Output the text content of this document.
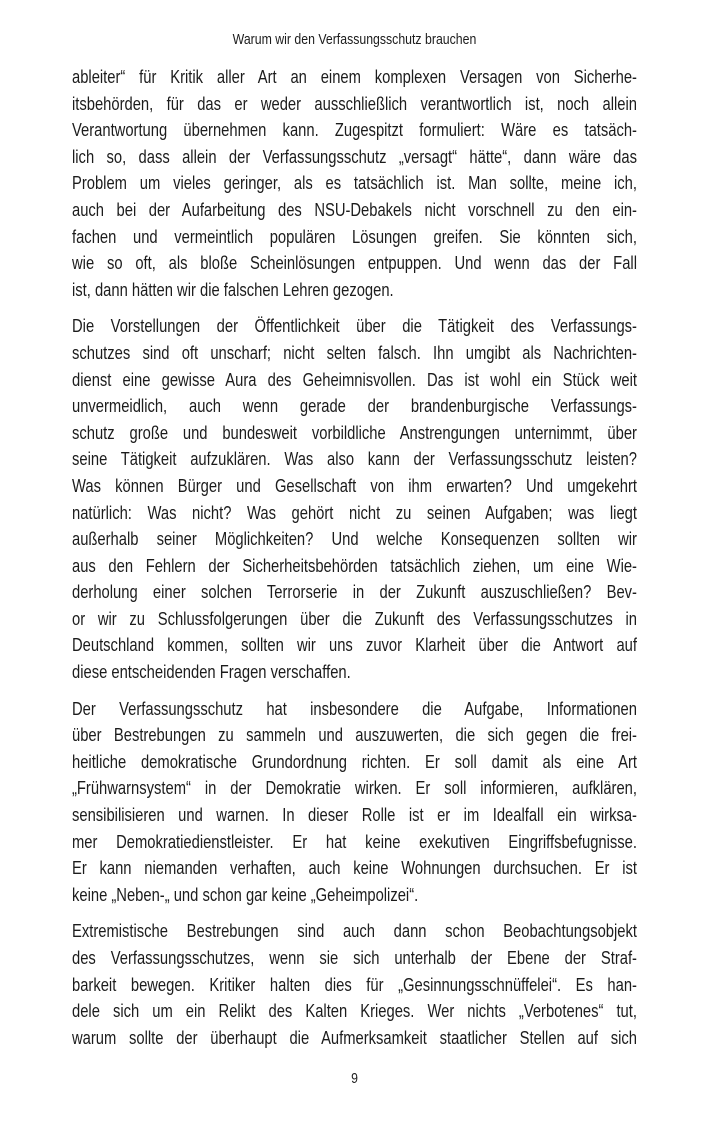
Warum wir den Verfassungsschutz brauchen
ableiter“ für Kritik aller Art an einem komplexen Versagen von Sicherhe-
itsbehörden, für das er weder ausschließlich verantwortlich ist, noch allein
Verantwortung übernehmen kann. Zugespitzt formuliert: Wäre es tatsäch-
lich so, dass allein der Verfassungsschutz „versagt“ hätte“, dann wäre das
Problem um vieles geringer, als es tatsächlich ist. Man sollte, meine ich,
auch bei der Aufarbeitung des NSU-Debakels nicht vorschnell zu den ein-
fachen und vermeintlich populären Lösungen greifen. Sie könnten sich,
wie so oft, als bloße Scheinlösungen entpuppen. Und wenn das der Fall
ist, dann hätten wir die falschen Lehren gezogen.
Die Vorstellungen der Öffentlichkeit über die Tätigkeit des Verfassungs-
schutzes sind oft unscharf; nicht selten falsch. Ihn umgibt als Nachrichten-
dienst eine gewisse Aura des Geheimnisvollen. Das ist wohl ein Stück weit
unvermeidlich, auch wenn gerade der brandenburgische Verfassungs-
schutz große und bundesweit vorbildliche Anstrengungen unternimmt, über
seine Tätigkeit aufzuklären. Was also kann der Verfassungsschutz leisten?
Was können Bürger und Gesellschaft von ihm erwarten? Und umgekehrt
natürlich: Was nicht? Was gehört nicht zu seinen Aufgaben; was liegt
außerhalb seiner Möglichkeiten? Und welche Konsequenzen sollten wir
aus den Fehlern der Sicherheitsbehörden tatsächlich ziehen, um eine Wie-
derholung einer solchen Terrorserie in der Zukunft auszuschließen? Bev-
or wir zu Schlussfolgerungen über die Zukunft des Verfassungsschutzes in
Deutschland kommen, sollten wir uns zuvor Klarheit über die Antwort auf
diese entscheidenden Fragen verschaffen.
Der Verfassungsschutz hat insbesondere die Aufgabe, Informationen
über Bestrebungen zu sammeln und auszuwerten, die sich gegen die frei-
heitliche demokratische Grundordnung richten. Er soll damit als eine Art
„Frühwarnsystem“ in der Demokratie wirken. Er soll informieren, aufklären,
sensibilisieren und warnen. In dieser Rolle ist er im Idealfall ein wirksa-
mer Demokratiedienstleister. Er hat keine exekutiven Eingriffsbefugnisse.
Er kann niemanden verhaften, auch keine Wohnungen durchsuchen. Er ist
keine „Neben-„ und schon gar keine „Geheimpolizei“.
Extremistische Bestrebungen sind auch dann schon Beobachtungsobjekt
des Verfassungsschutzes, wenn sie sich unterhalb der Ebene der Straf-
barkeit bewegen. Kritiker halten dies für „Gesinnungsschnüffelei“. Es han-
dele sich um ein Relikt des Kalten Krieges. Wer nichts „Verbotenes“ tut,
warum sollte der überhaupt die Aufmerksamkeit staatlicher Stellen auf sich
9
